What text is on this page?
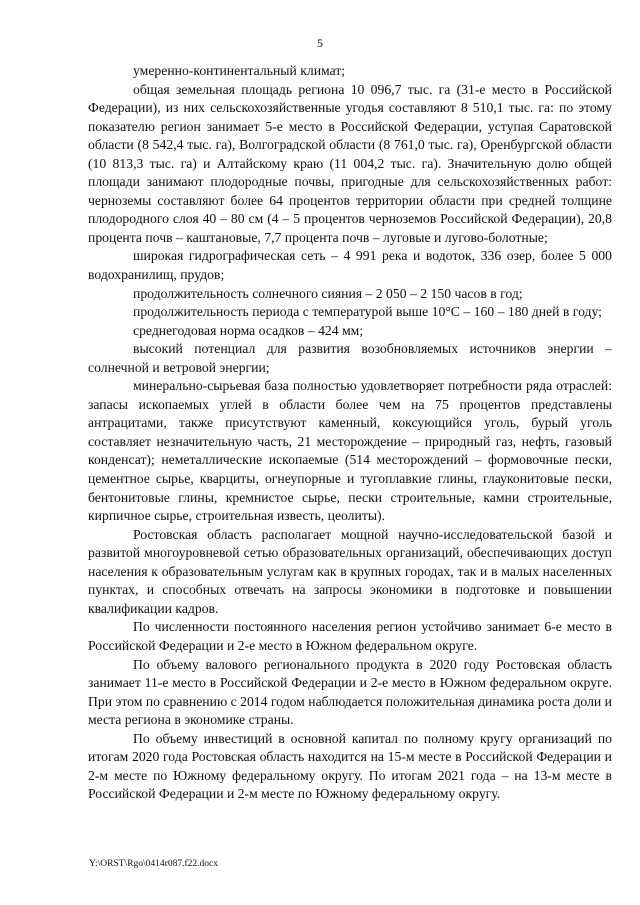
5

умеренно-континентальный климат;

общая земельная площадь региона 10 096,7 тыс. га (31-е место в Российской Федерации), из них сельскохозяйственные угодья составляют 8 510,1 тыс. га: по этому показателю регион занимает 5-е место в Российской Федерации, уступая Саратовской области (8 542,4 тыс. га), Волгоградской области (8 761,0 тыс. га), Оренбургской области (10 813,3 тыс. га) и Алтайскому краю (11 004,2 тыс. га). Значительную долю общей площади занимают плодородные почвы, пригодные для сельскохозяйственных работ: черноземы составляют более 64 процентов территории области при средней толщине плодородного слоя 40 – 80 см (4 – 5 процентов черноземов Российской Федерации), 20,8 процента почв – каштановые, 7,7 процента почв – луговые и лугово-болотные;

широкая гидрографическая сеть – 4 991 река и водоток, 336 озер, более 5 000 водохранилищ, прудов;

продолжительность солнечного сияния – 2 050 – 2 150 часов в год;

продолжительность периода с температурой выше 10°С – 160 – 180 дней в году;

среднегодовая норма осадков – 424 мм;

высокий потенциал для развития возобновляемых источников энергии – солнечной и ветровой энергии;

минерально-сырьевая база полностью удовлетворяет потребности ряда отраслей: запасы ископаемых углей в области более чем на 75 процентов представлены антрацитами, также присутствуют каменный, коксующийся уголь, бурый уголь составляет незначительную часть, 21 месторождение – природный газ, нефть, газовый конденсат); неметаллические ископаемые (514 месторождений – формовочные пески, цементное сырье, кварциты, огнеупорные и тугоплавкие глины, глауконитовые пески, бентонитовые глины, кремнистое сырье, пески строительные, камни строительные, кирпичное сырье, строительная известь, цеолиты).

Ростовская область располагает мощной научно-исследовательской базой и развитой многоуровневой сетью образовательных организаций, обеспечивающих доступ населения к образовательным услугам как в крупных городах, так и в малых населенных пунктах, и способных отвечать на запросы экономики в подготовке и повышении квалификации кадров.

По численности постоянного населения регион устойчиво занимает 6-е место в Российской Федерации и 2-е место в Южном федеральном округе.

По объему валового регионального продукта в 2020 году Ростовская область занимает 11-е место в Российской Федерации и 2-е место в Южном федеральном округе. При этом по сравнению с 2014 годом наблюдается положительная динамика роста доли и места региона в экономике страны.

По объему инвестиций в основной капитал по полному кругу организаций по итогам 2020 года Ростовская область находится на 15-м месте в Российской Федерации и 2-м месте по Южному федеральному округу. По итогам 2021 года – на 13-м месте в Российской Федерации и 2-м месте по Южному федеральному округу.

Y:\ORST\Rgo\0414r087.f22.docx
